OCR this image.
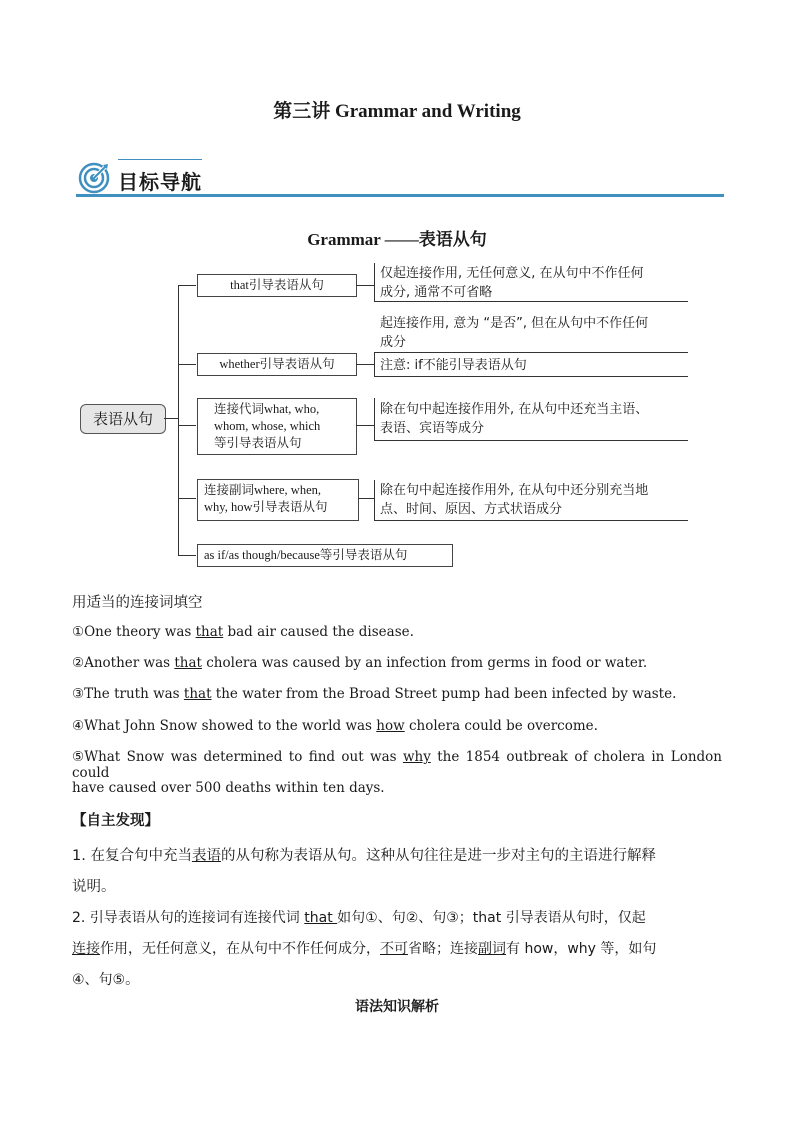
第三讲 Grammar and Writing
目标导航
Grammar ——表语从句
表语从句
that引导表语从句
仅起连接作用, 无任何意义, 在从句中不作任何
成分, 通常不可省略
whether引导表语从句
起连接作用, 意为 “是否”, 但在从句中不作任何
成分
注意: if不能引导表语从句
连接代词what, who,
whom, whose, which
等引导表语从句
除在句中起连接作用外, 在从句中还充当主语、
表语、宾语等成分
连接副词where, when,
why, how引导表语从句
除在句中起连接作用外, 在从句中还分别充当地
点、时间、原因、方式状语成分
as if/as though/because等引导表语从句
用适当的连接词填空
①One theory was that bad air caused the disease.
②Another was that cholera was caused by an infection from germs in food or water.
③The truth was that the water from the Broad Street pump had been infected by waste.
④What John Snow showed to the world was how cholera could be overcome.
⑤What Snow was determined to find out was why the 1854 outbreak of cholera in London could
have caused over 500 deaths within ten days.
【自主发现】
1. 在复合句中充当表语的从句称为表语从句。这种从句往往是进一步对主句的主语进行解释
说明。
2. 引导表语从句的连接词有连接代词 that 如句①、句②、句③；that 引导表语从句时，仅起
连接作用，无任何意义，在从句中不作任何成分，不可省略；连接副词有 how，why 等，如句
④、句⑤。
语法知识解析
